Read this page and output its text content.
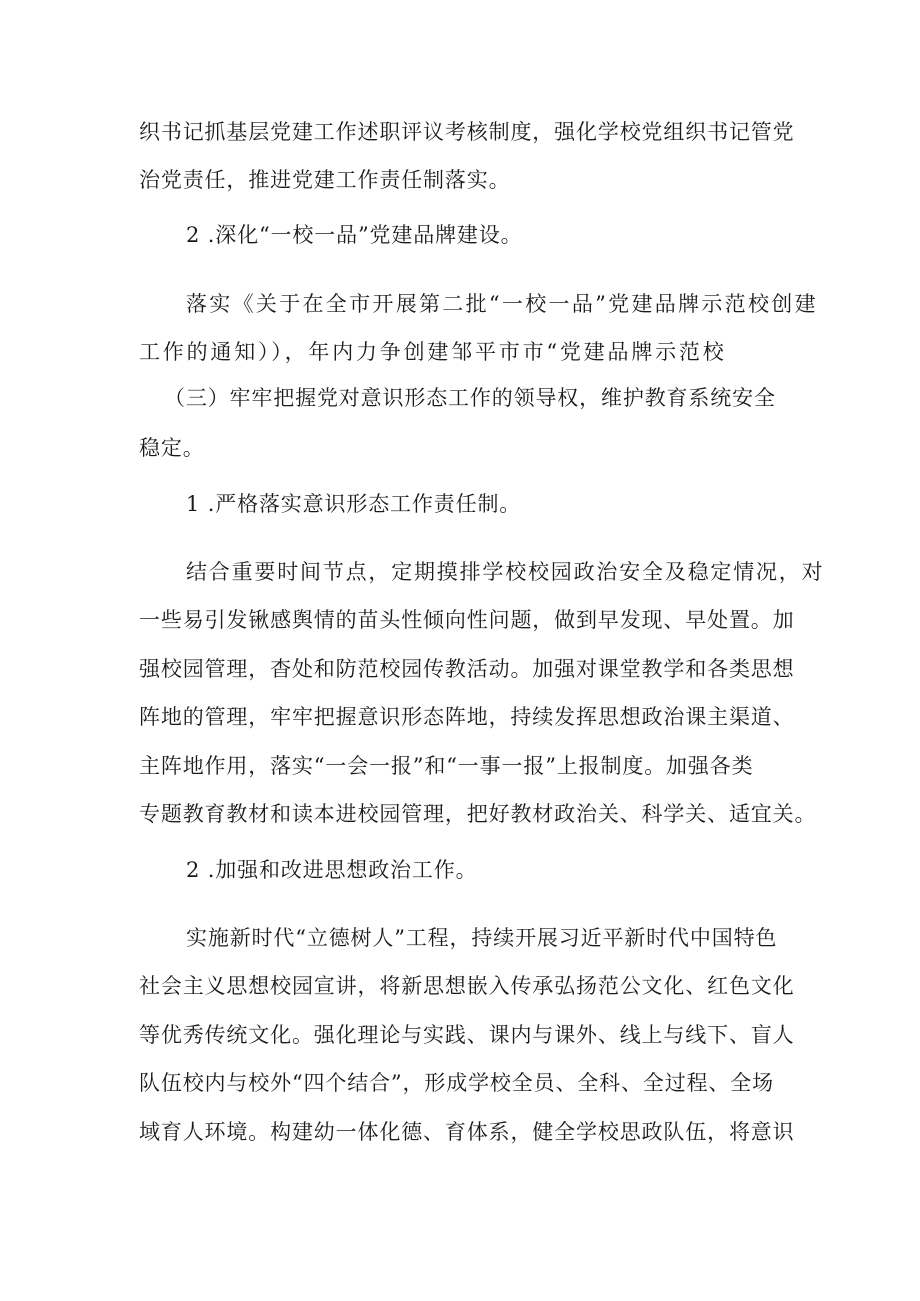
织书记抓基层党建工作述职评议考核制度，强化学校党组织书记管党
治党责任，推进党建工作责任制落实。
2 .深化“一校一品”党建品牌建设。
落实《关于在全市开展第二批“一校一品”党建品牌示范校创建
工作的通知）），年内力争创建邹平市市“党建品牌示范校
（三）牢牢把握党对意识形态工作的领导权，维护教育系统安全
稳定。
1 .严格落实意识形态工作责任制。
结合重要时间节点，定期摸排学校校园政治安全及稳定情况，对
一些易引发锹感舆情的苗头性倾向性问题，做到早发现、早处置。加
强校园管理，杳处和防范校园传教活动。加强对课堂教学和各类思想
阵地的管理，牢牢把握意识形态阵地，持续发挥思想政治课主渠道、
主阵地作用，落实“一会一报”和“一事一报”上报制度。加强各类
专题教育教材和读本进校园管理，把好教材政治关、科学关、适宜关。
2 .加强和改进思想政治工作。
实施新时代“立德树人”工程，持续开展习近平新时代中国特色
社会主义思想校园宣讲，将新思想嵌入传承弘扬范公文化、红色文化
等优秀传统文化。强化理论与实践、课内与课外、线上与线下、盲人
队伍校内与校外“四个结合”，形成学校全员、全科、全过程、全场
域育人环境。构建幼一体化德、育体系，健全学校思政队伍，将意识
